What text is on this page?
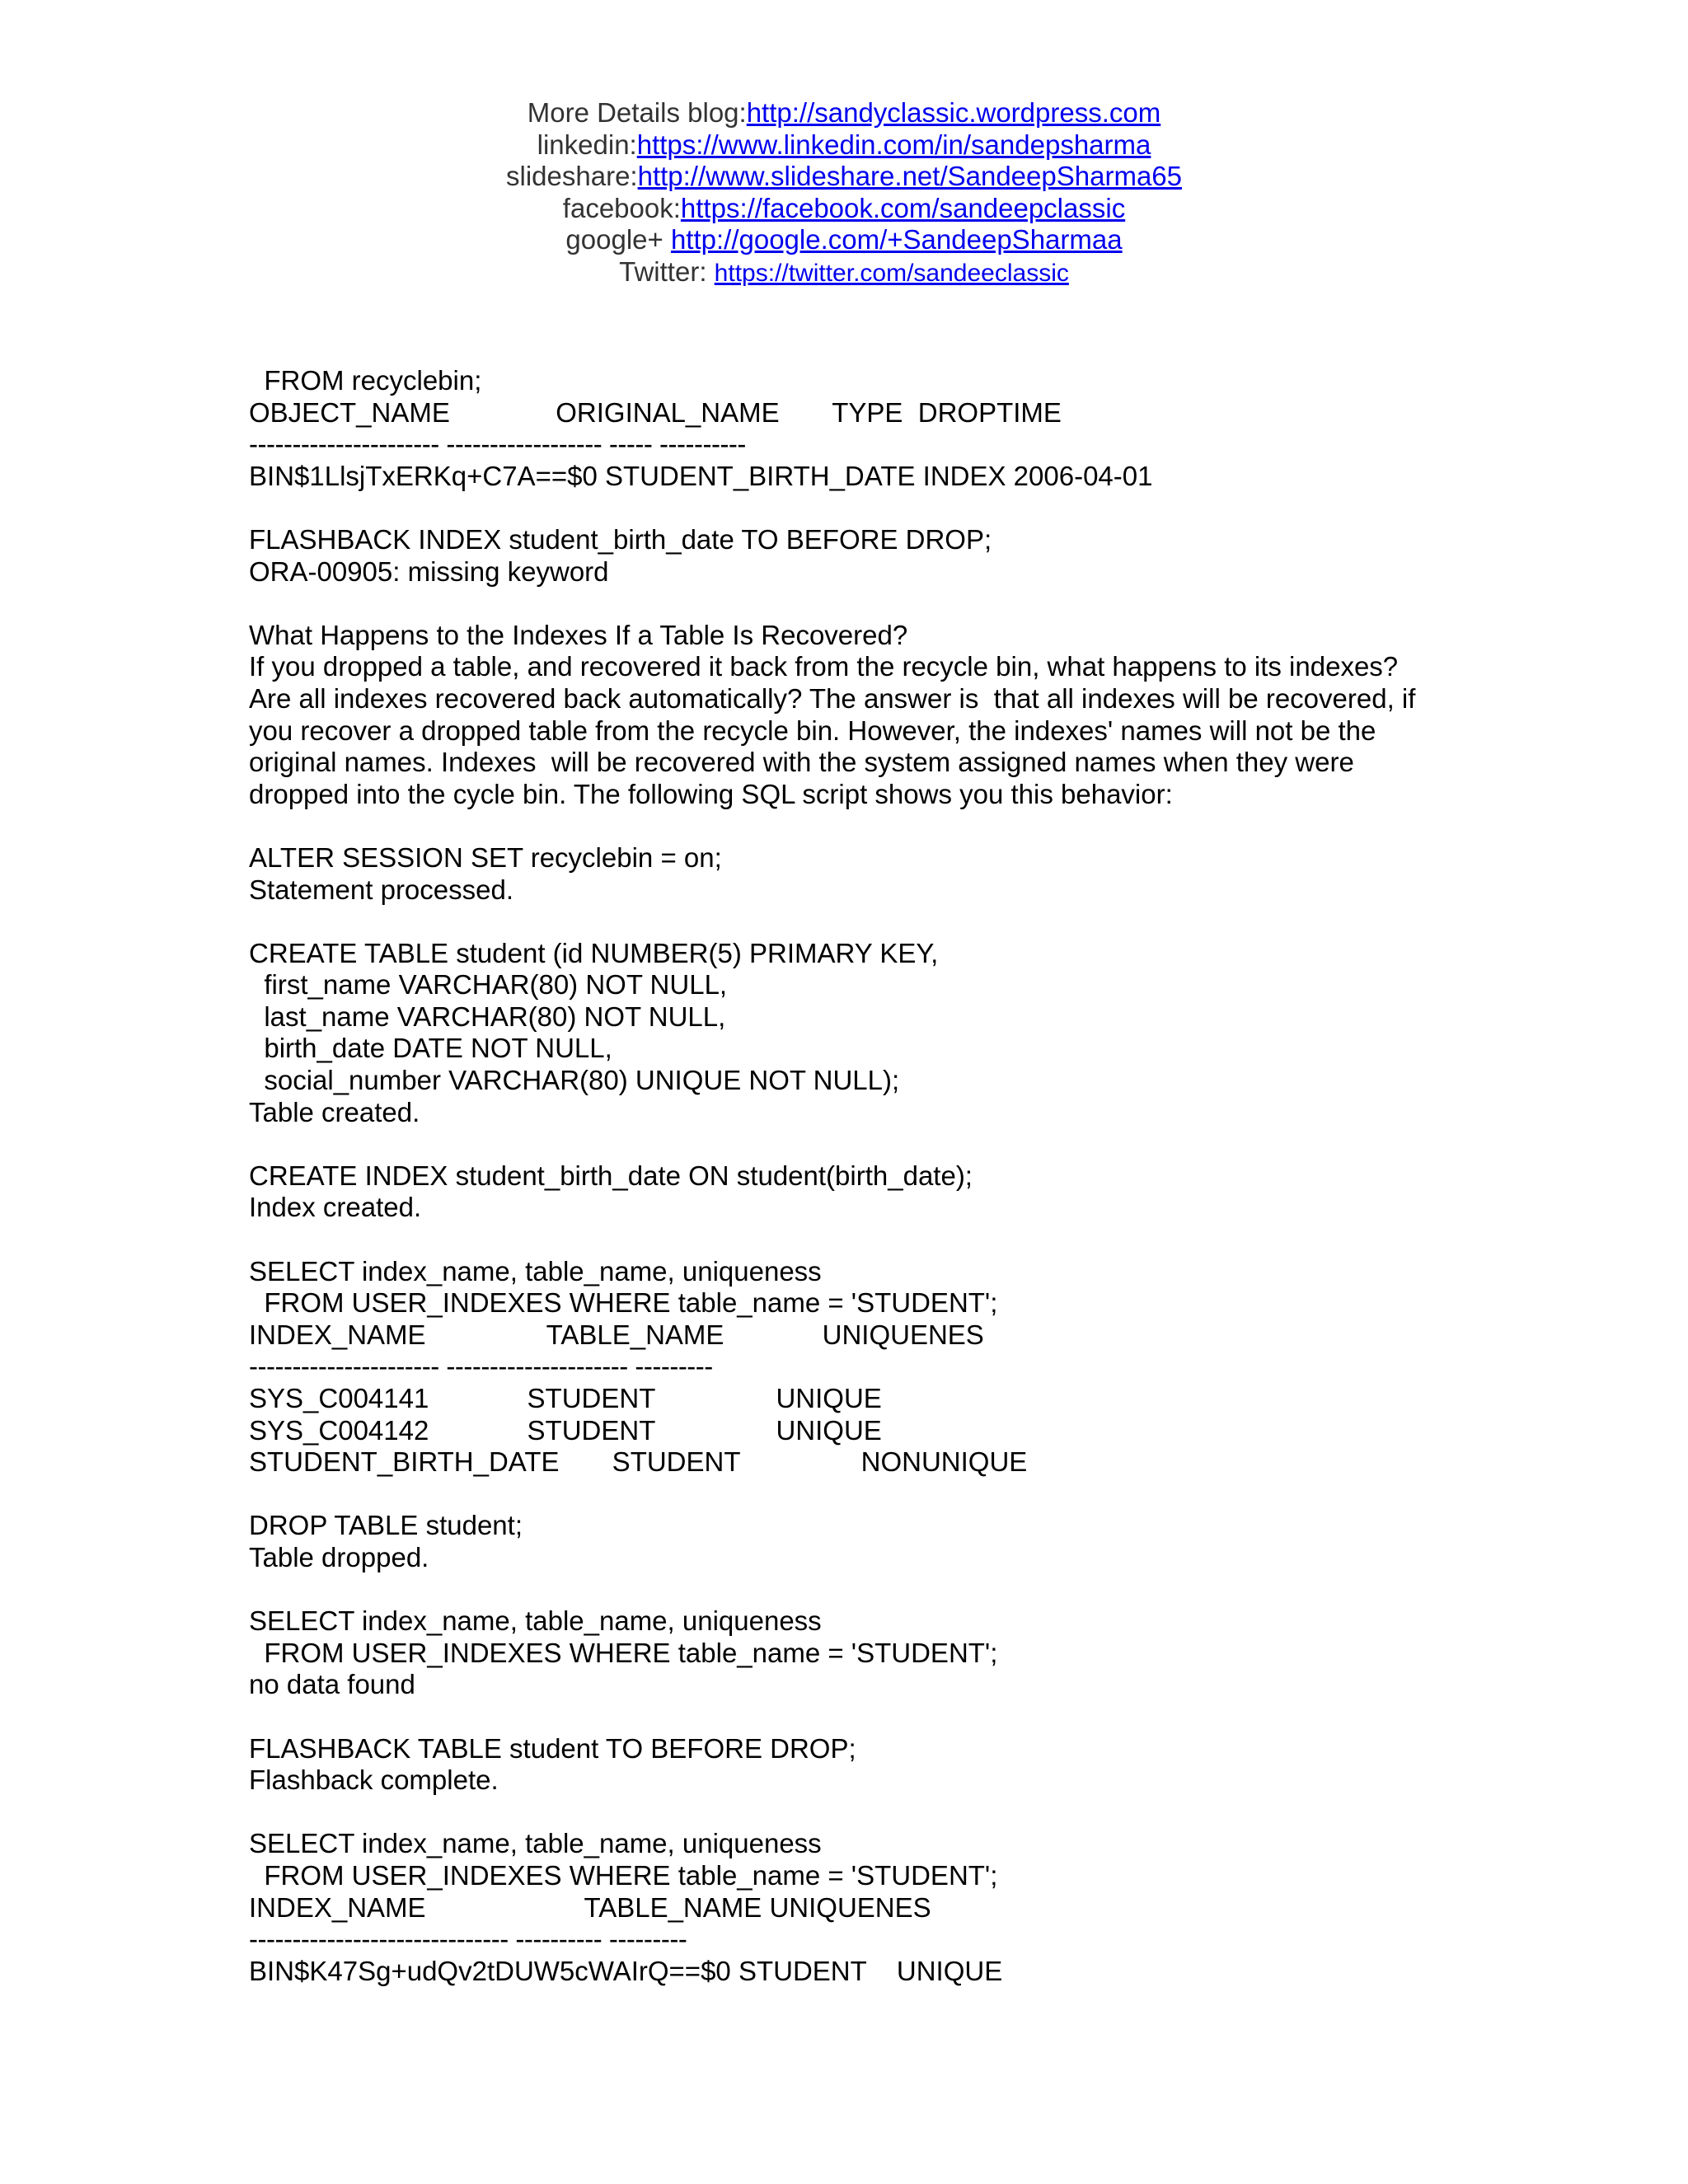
More Details blog:http://sandyclassic.wordpress.com
linkedin:https://www.linkedin.com/in/sandepsharma
slideshare:http://www.slideshare.net/SandeepSharma65
facebook:https://facebook.com/sandeepclassic
google+ http://google.com/+SandeepSharmaa
Twitter: https://twitter.com/sandeeclassic
FROM recyclebin;
OBJECT_NAME              ORIGINAL_NAME       TYPE  DROPTIME
---------------------- ------------------ ----- ----------
BIN$1LlsjTxERKq+C7A==$0 STUDENT_BIRTH_DATE INDEX 2006-04-01
FLASHBACK INDEX student_birth_date TO BEFORE DROP;
ORA-00905: missing keyword
What Happens to the Indexes If a Table Is Recovered?
If you dropped a table, and recovered it back from the recycle bin, what happens to its indexes?
Are all indexes recovered back automatically? The answer is  that all indexes will be recovered, if
you recover a dropped table from the recycle bin. However, the indexes' names will not be the
original names. Indexes  will be recovered with the system assigned names when they were
dropped into the cycle bin. The following SQL script shows you this behavior:
ALTER SESSION SET recyclebin = on;
Statement processed.
CREATE TABLE student (id NUMBER(5) PRIMARY KEY,
first_name VARCHAR(80) NOT NULL,
last_name VARCHAR(80) NOT NULL,
birth_date DATE NOT NULL,
social_number VARCHAR(80) UNIQUE NOT NULL);
Table created.
CREATE INDEX student_birth_date ON student(birth_date);
Index created.
SELECT index_name, table_name, uniqueness
FROM USER_INDEXES WHERE table_name = 'STUDENT';
INDEX_NAME                TABLE_NAME             UNIQUENES
---------------------- --------------------- ---------
SYS_C004141             STUDENT                UNIQUE
SYS_C004142             STUDENT                UNIQUE
STUDENT_BIRTH_DATE       STUDENT                NONUNIQUE
DROP TABLE student;
Table dropped.
SELECT index_name, table_name, uniqueness
FROM USER_INDEXES WHERE table_name = 'STUDENT';
no data found
FLASHBACK TABLE student TO BEFORE DROP;
Flashback complete.
SELECT index_name, table_name, uniqueness
FROM USER_INDEXES WHERE table_name = 'STUDENT';
INDEX_NAME                     TABLE_NAME UNIQUENES
------------------------------ ---------- ---------
BIN$K47Sg+udQv2tDUW5cWAIrQ==$0 STUDENT    UNIQUE
